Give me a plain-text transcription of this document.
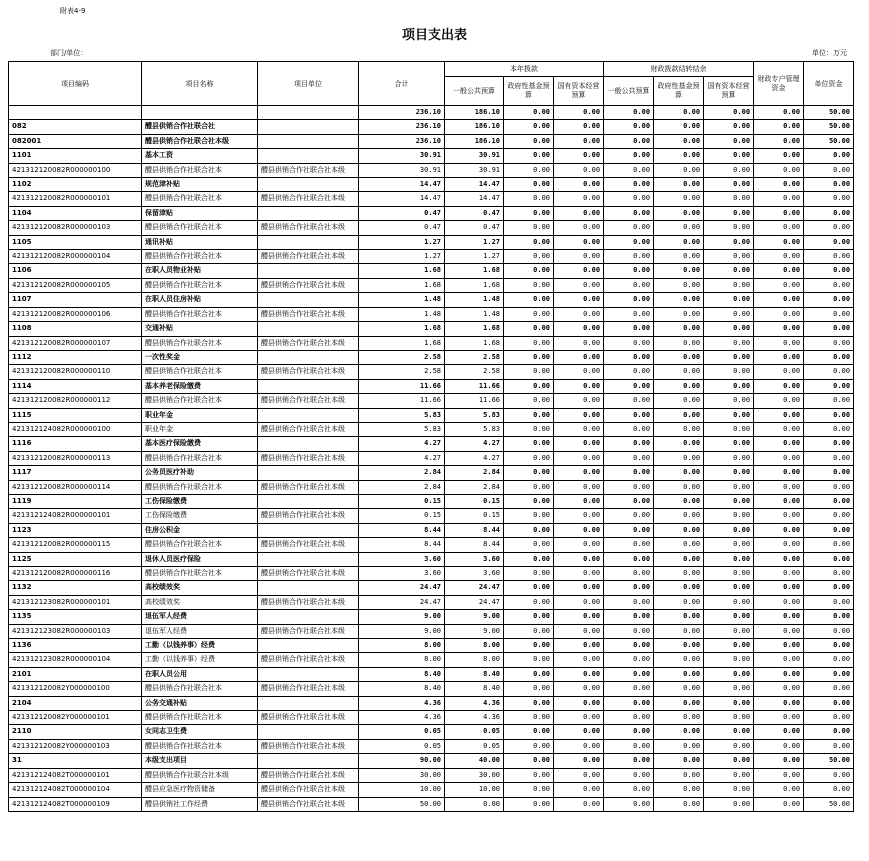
附表4-9
项目支出表
部门/单位：	单位：万元
项目编码	项目名称	项目单位	合计	本年拨款			财政拨款结转结余			财政专户管理资金	单位资金
				一般公共预算	政府性基金预算	国有资本经营预算	一般公共预算	政府性基金预算	国有资本经营预算		
			236.10	186.10	0.00	0.00	0.00	0.00	0.00	0.00	50.00
082	醴县供销合作社联合社		236.10	186.10	0.00	0.00	0.00	0.00	0.00	0.00	50.00
082001	醴县供销合作社联合社本级		236.10	186.10	0.00	0.00	0.00	0.00	0.00	0.00	50.00
1101	基本工资		30.91	30.91	0.00	0.00	0.00	0.00	0.00	0.00	0.00
421312120082R000000100	醴县供销合作社联合社本	醴县供销合作社联合社本级	30.91	30.91	0.00	0.00	0.00	0.00	0.00	0.00	0.00
1102	规范津补贴		14.47	14.47	0.00	0.00	0.00	0.00	0.00	0.00	0.00
421312120082R000000101	醴县供销合作社联合社本	醴县供销合作社联合社本级	14.47	14.47	0.00	0.00	0.00	0.00	0.00	0.00	0.00
1104	保留津贴		0.47	0.47	0.00	0.00	0.00	0.00	0.00	0.00	0.00
421312120082R000000103	醴县供销合作社联合社本	醴县供销合作社联合社本级	0.47	0.47	0.00	0.00	0.00	0.00	0.00	0.00	0.00
1105	通讯补贴		1.27	1.27	0.00	0.00	0.00	0.00	0.00	0.00	0.00
421312120082R000000104	醴县供销合作社联合社本	醴县供销合作社联合社本级	1.27	1.27	0.00	0.00	0.00	0.00	0.00	0.00	0.00
1106	在职人员物业补贴		1.68	1.68	0.00	0.00	0.00	0.00	0.00	0.00	0.00
421312120082R000000105	醴县供销合作社联合社本	醴县供销合作社联合社本级	1.68	1.68	0.00	0.00	0.00	0.00	0.00	0.00	0.00
1107	在职人员住房补贴		1.48	1.48	0.00	0.00	0.00	0.00	0.00	0.00	0.00
421312120082R000000106	醴县供销合作社联合社本	醴县供销合作社联合社本级	1.48	1.48	0.00	0.00	0.00	0.00	0.00	0.00	0.00
1108	交通补贴		1.68	1.68	0.00	0.00	0.00	0.00	0.00	0.00	0.00
421312120082R000000107	醴县供销合作社联合社本	醴县供销合作社联合社本级	1.68	1.68	0.00	0.00	0.00	0.00	0.00	0.00	0.00
1112	一次性奖金		2.58	2.58	0.00	0.00	0.00	0.00	0.00	0.00	0.00
421312120082R000000110	醴县供销合作社联合社本	醴县供销合作社联合社本级	2.58	2.58	0.00	0.00	0.00	0.00	0.00	0.00	0.00
1114	基本养老保险缴费		11.66	11.66	0.00	0.00	0.00	0.00	0.00	0.00	0.00
421312120082R000000112	醴县供销合作社联合社本	醴县供销合作社联合社本级	11.66	11.66	0.00	0.00	0.00	0.00	0.00	0.00	0.00
1115	职业年金		5.83	5.83	0.00	0.00	0.00	0.00	0.00	0.00	0.00
421312124082R000000100	职业年金	醴县供销合作社联合社本级	5.83	5.83	0.00	0.00	0.00	0.00	0.00	0.00	0.00
1116	基本医疗保险缴费		4.27	4.27	0.00	0.00	0.00	0.00	0.00	0.00	0.00
421312120082R000000113	醴县供销合作社联合社本	醴县供销合作社联合社本级	4.27	4.27	0.00	0.00	0.00	0.00	0.00	0.00	0.00
1117	公务员医疗补助		2.84	2.84	0.00	0.00	0.00	0.00	0.00	0.00	0.00
421312120082R000000114	醴县供销合作社联合社本	醴县供销合作社联合社本级	2.84	2.84	0.00	0.00	0.00	0.00	0.00	0.00	0.00
1119	工伤保险缴费		0.15	0.15	0.00	0.00	0.00	0.00	0.00	0.00	0.00
421312124082R000000101	工伤保险缴费	醴县供销合作社联合社本级	0.15	0.15	0.00	0.00	0.00	0.00	0.00	0.00	0.00
1123	住房公积金		8.44	8.44	0.00	0.00	0.00	0.00	0.00	0.00	0.00
421312120082R000000115	醴县供销合作社联合社本	醴县供销合作社联合社本级	8.44	8.44	0.00	0.00	0.00	0.00	0.00	0.00	0.00
1125	退休人员医疗保险		3.60	3.60	0.00	0.00	0.00	0.00	0.00	0.00	0.00
421312120082R000000116	醴县供销合作社联合社本	醴县供销合作社联合社本级	3.60	3.60	0.00	0.00	0.00	0.00	0.00	0.00	0.00
1132	高校绩效奖		24.47	24.47	0.00	0.00	0.00	0.00	0.00	0.00	0.00
421312123082R000000101	高校绩效奖	醴县供销合作社联合社本级	24.47	24.47	0.00	0.00	0.00	0.00	0.00	0.00	0.00
1135	退伍军人经费		9.00	9.00	0.00	0.00	0.00	0.00	0.00	0.00	0.00
421312123082R000000103	退伍军人经费	醴县供销合作社联合社本级	9.00	9.00	0.00	0.00	0.00	0.00	0.00	0.00	0.00
1136	工勤（以钱养事）经费		8.00	8.00	0.00	0.00	0.00	0.00	0.00	0.00	0.00
421312123082R000000104	工勤（以钱养事）经费	醴县供销合作社联合社本级	8.00	8.00	0.00	0.00	0.00	0.00	0.00	0.00	0.00
2101	在职人员公用		8.40	8.40	0.00	0.00	0.00	0.00	0.00	0.00	0.00
421312120082Y000000100	醴县供销合作社联合社本	醴县供销合作社联合社本级	8.40	8.40	0.00	0.00	0.00	0.00	0.00	0.00	0.00
2104	公务交通补贴		4.36	4.36	0.00	0.00	0.00	0.00	0.00	0.00	0.00
421312120082Y000000101	醴县供销合作社联合社本	醴县供销合作社联合社本级	4.36	4.36	0.00	0.00	0.00	0.00	0.00	0.00	0.00
2110	女同志卫生费		0.05	0.05	0.00	0.00	0.00	0.00	0.00	0.00	0.00
421312120082Y000000103	醴县供销合作社联合社本	醴县供销合作社联合社本级	0.05	0.05	0.00	0.00	0.00	0.00	0.00	0.00	0.00
31	本级支出项目		90.00	40.00	0.00	0.00	0.00	0.00	0.00	0.00	50.00
421312124082T000000101	醴县供销合作社联合社本级	醴县供销合作社联合社本级	30.00	30.00	0.00	0.00	0.00	0.00	0.00	0.00	0.00
421312124082T000000104	醴县应急医疗物资储备	醴县供销合作社联合社本级	10.00	10.00	0.00	0.00	0.00	0.00	0.00	0.00	0.00
421312124082T000000109	醴县供销社工作经费	醴县供销合作社联合社本级	50.00	0.00	0.00	0.00	0.00	0.00	0.00	0.00	50.00
